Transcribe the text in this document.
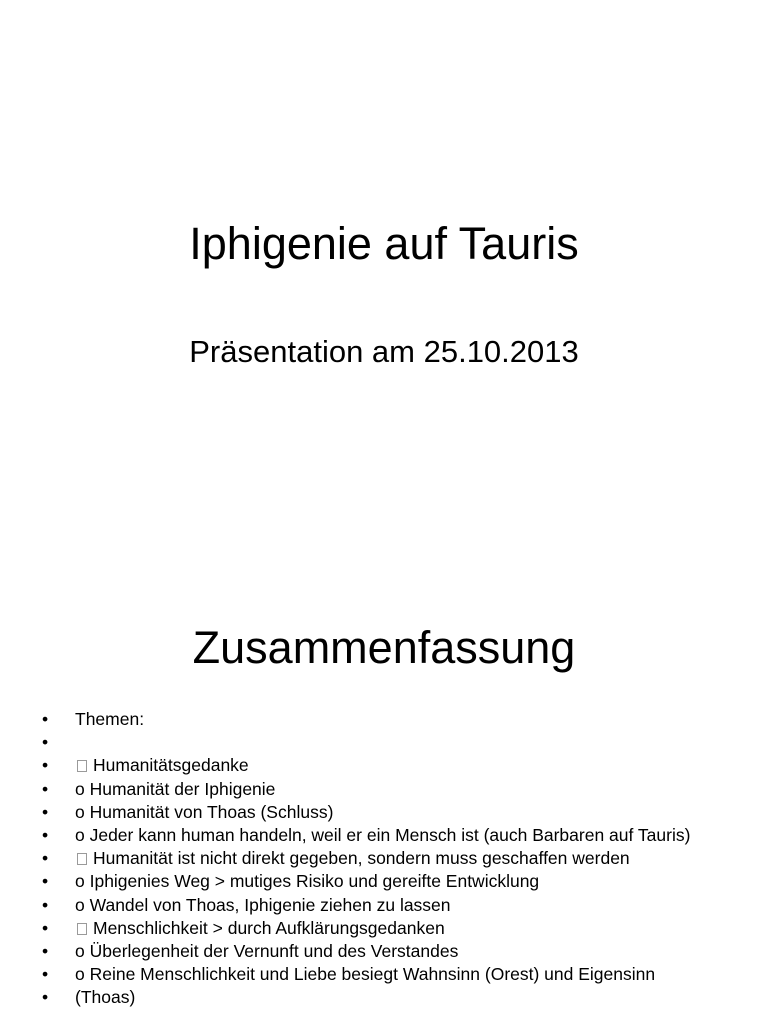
Iphigenie auf Tauris
Präsentation am 25.10.2013
Zusammenfassung
•	Themen:
•
•	Humanitätsgedanke
•	o Humanität der Iphigenie
•	o Humanität von Thoas (Schluss)
•	o Jeder kann human handeln, weil er ein Mensch ist (auch Barbaren auf Tauris)
•	Humanität ist nicht direkt gegeben, sondern muss geschaffen werden
•	o Iphigenies Weg > mutiges Risiko und gereifte Entwicklung
•	o Wandel von Thoas, Iphigenie ziehen zu lassen
•	Menschlichkeit > durch Aufklärungsgedanken
•	o Überlegenheit der Vernunft und des Verstandes
•	o Reine Menschlichkeit und Liebe besiegt Wahnsinn (Orest) und Eigensinn
•	(Thoas)
